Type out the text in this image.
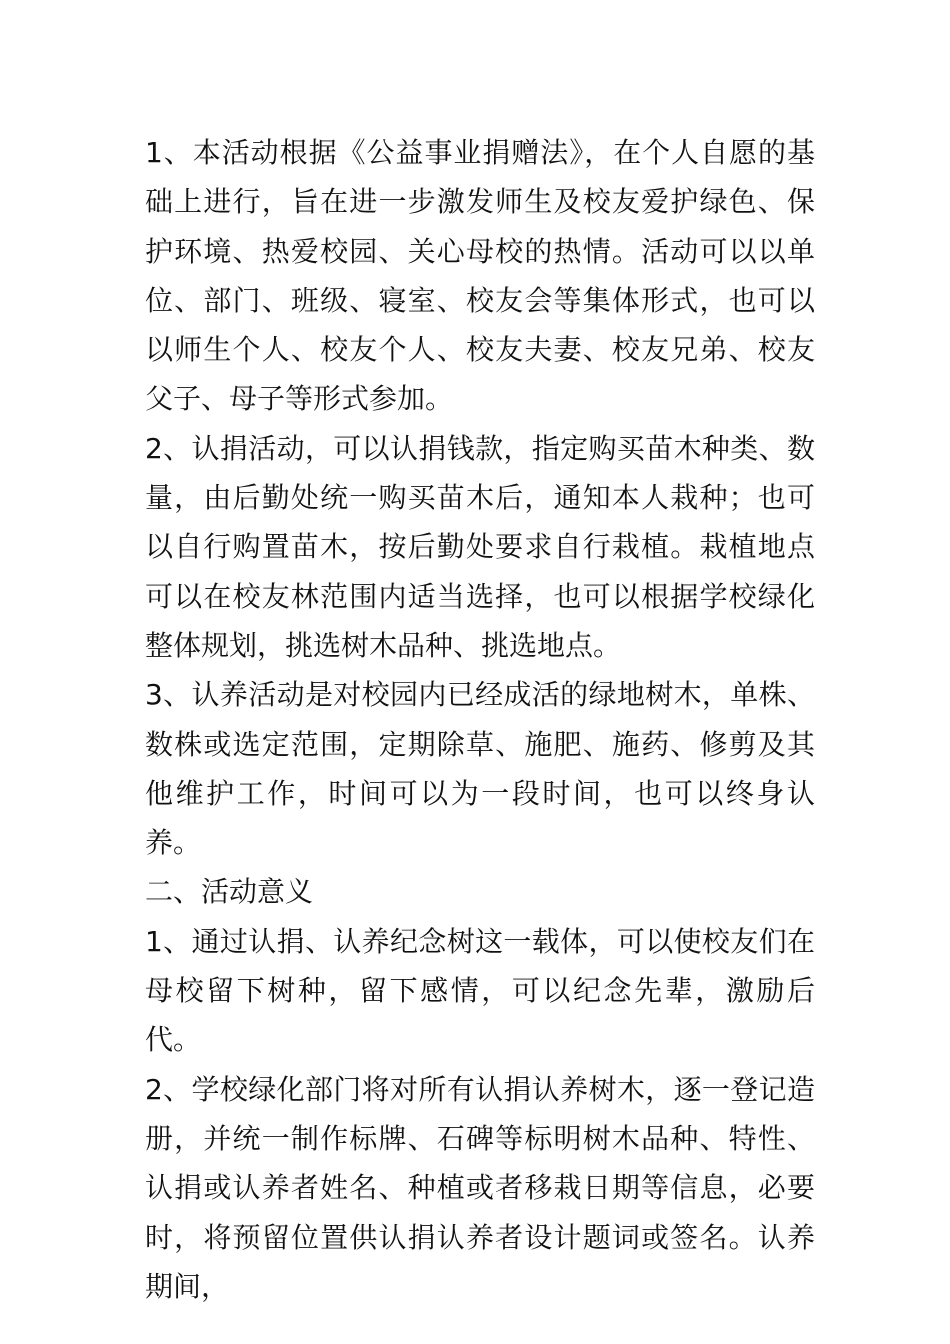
1、本活动根据《公益事业捐赠法》，在个人自愿的基础上进行，旨在进一步激发师生及校友爱护绿色、保护环境、热爱校园、关心母校的热情。活动可以以单位、部门、班级、寝室、校友会等集体形式，也可以以师生个人、校友个人、校友夫妻、校友兄弟、校友父子、母子等形式参加。

2、认捐活动，可以认捐钱款，指定购买苗木种类、数量，由后勤处统一购买苗木后，通知本人栽种；也可以自行购置苗木，按后勤处要求自行栽植。栽植地点可以在校友林范围内适当选择，也可以根据学校绿化整体规划，挑选树木品种、挑选地点。

3、认养活动是对校园内已经成活的绿地树木，单株、数株或选定范围，定期除草、施肥、施药、修剪及其他维护工作，时间可以为一段时间，也可以终身认养。

二、活动意义

1、通过认捐、认养纪念树这一载体，可以使校友们在母校留下树种，留下感情，可以纪念先辈，激励后代。

2、学校绿化部门将对所有认捐认养树木，逐一登记造册，并统一制作标牌、石碑等标明树木品种、特性、认捐或认养者姓名、种植或者移栽日期等信息，必要时，将预留位置供认捐认养者设计题词或签名。认养期间，
